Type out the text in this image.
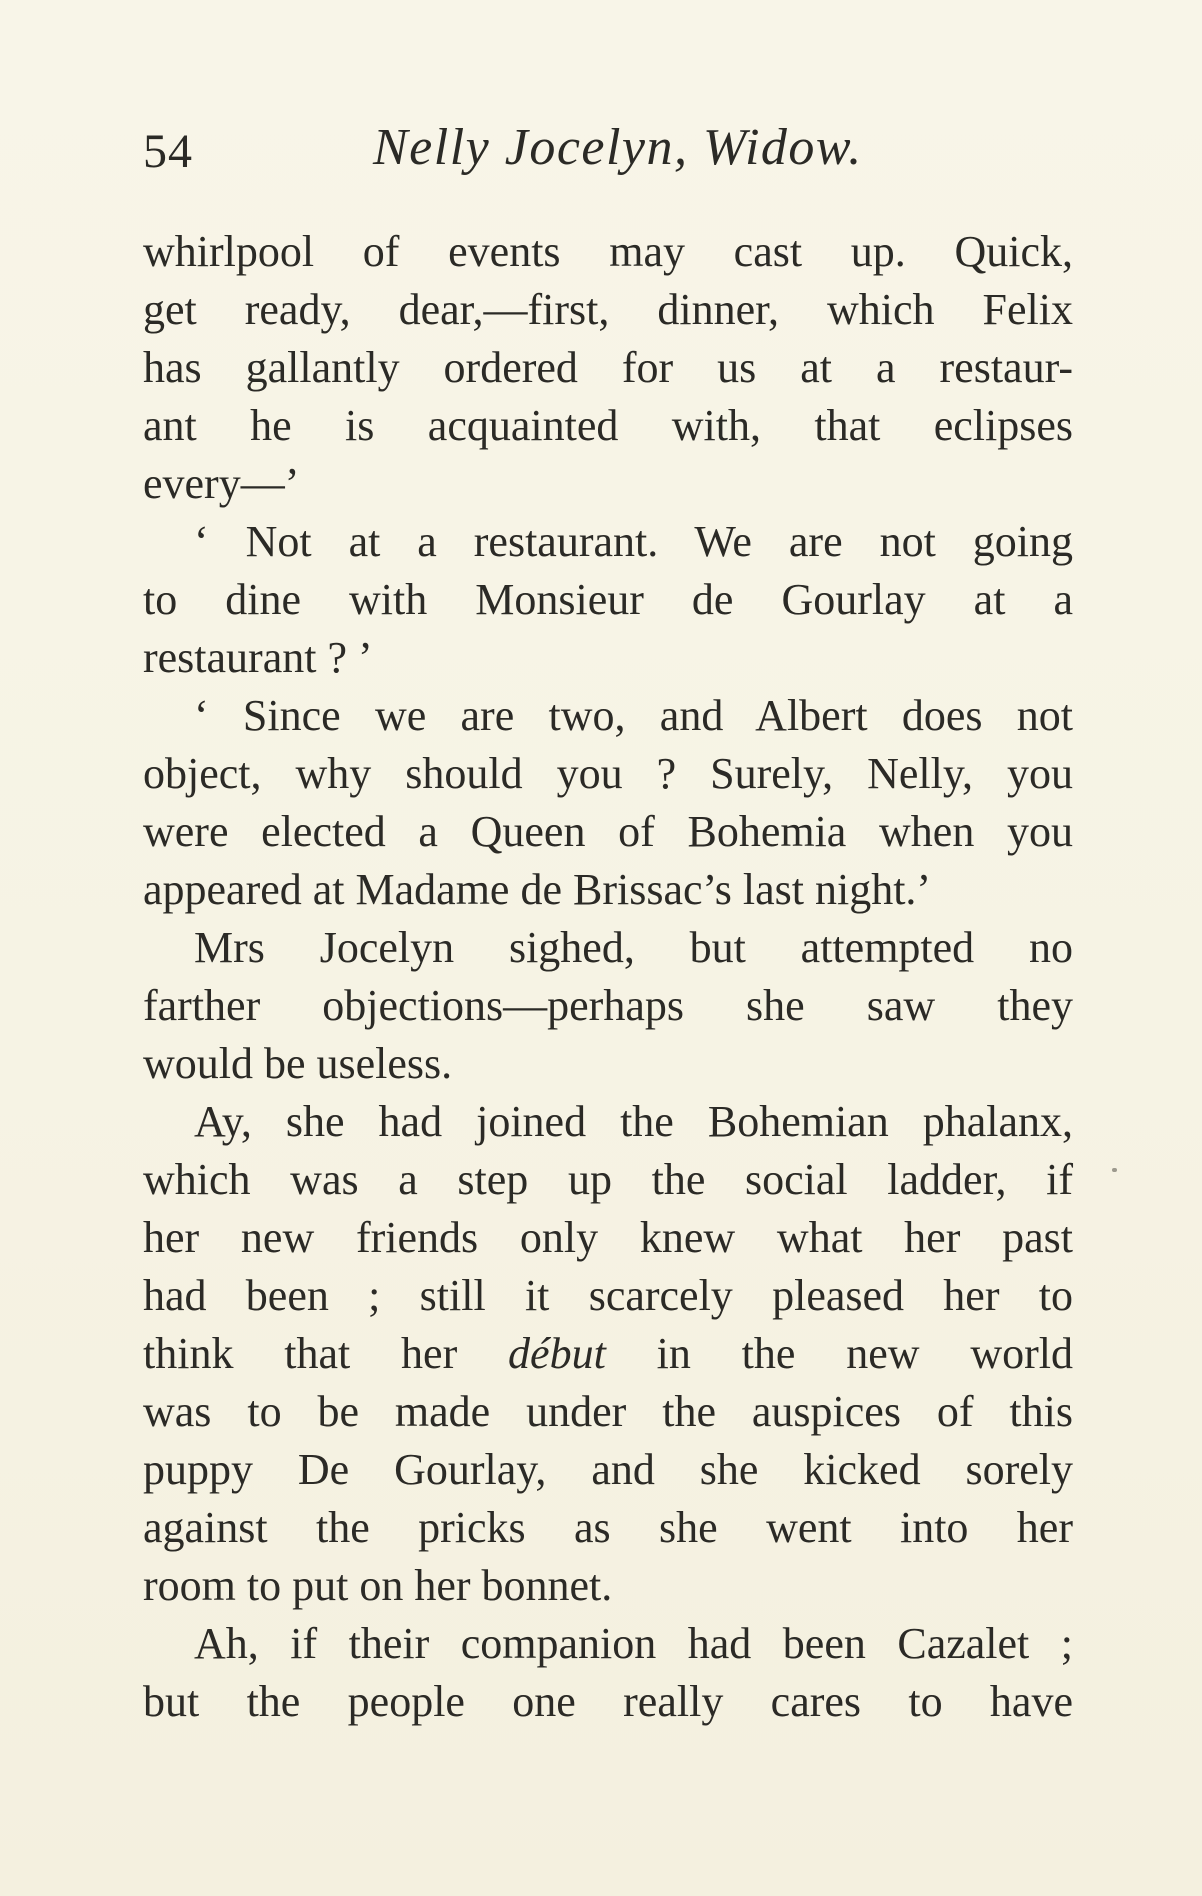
54	Nelly Jocelyn, Widow.
whirlpool of events may cast up. Quick,
get ready, dear,—first, dinner, which Felix
has gallantly ordered for us at a restaur-
ant he is acquainted with, that eclipses
every—’
‘ Not at a restaurant. We are not going
to dine with Monsieur de Gourlay at a
restaurant ? ’
‘ Since we are two, and Albert does not
object, why should you ? Surely, Nelly, you
were elected a Queen of Bohemia when you
appeared at Madame de Brissac’s last night.’
Mrs Jocelyn sighed, but attempted no
farther objections—perhaps she saw they
would be useless.
Ay, she had joined the Bohemian phalanx,
which was a step up the social ladder, if
her new friends only knew what her past
had been ; still it scarcely pleased her to
think that her début in the new world
was to be made under the auspices of this
puppy De Gourlay, and she kicked sorely
against the pricks as she went into her
room to put on her bonnet.
Ah, if their companion had been Cazalet ;
but the people one really cares to have
